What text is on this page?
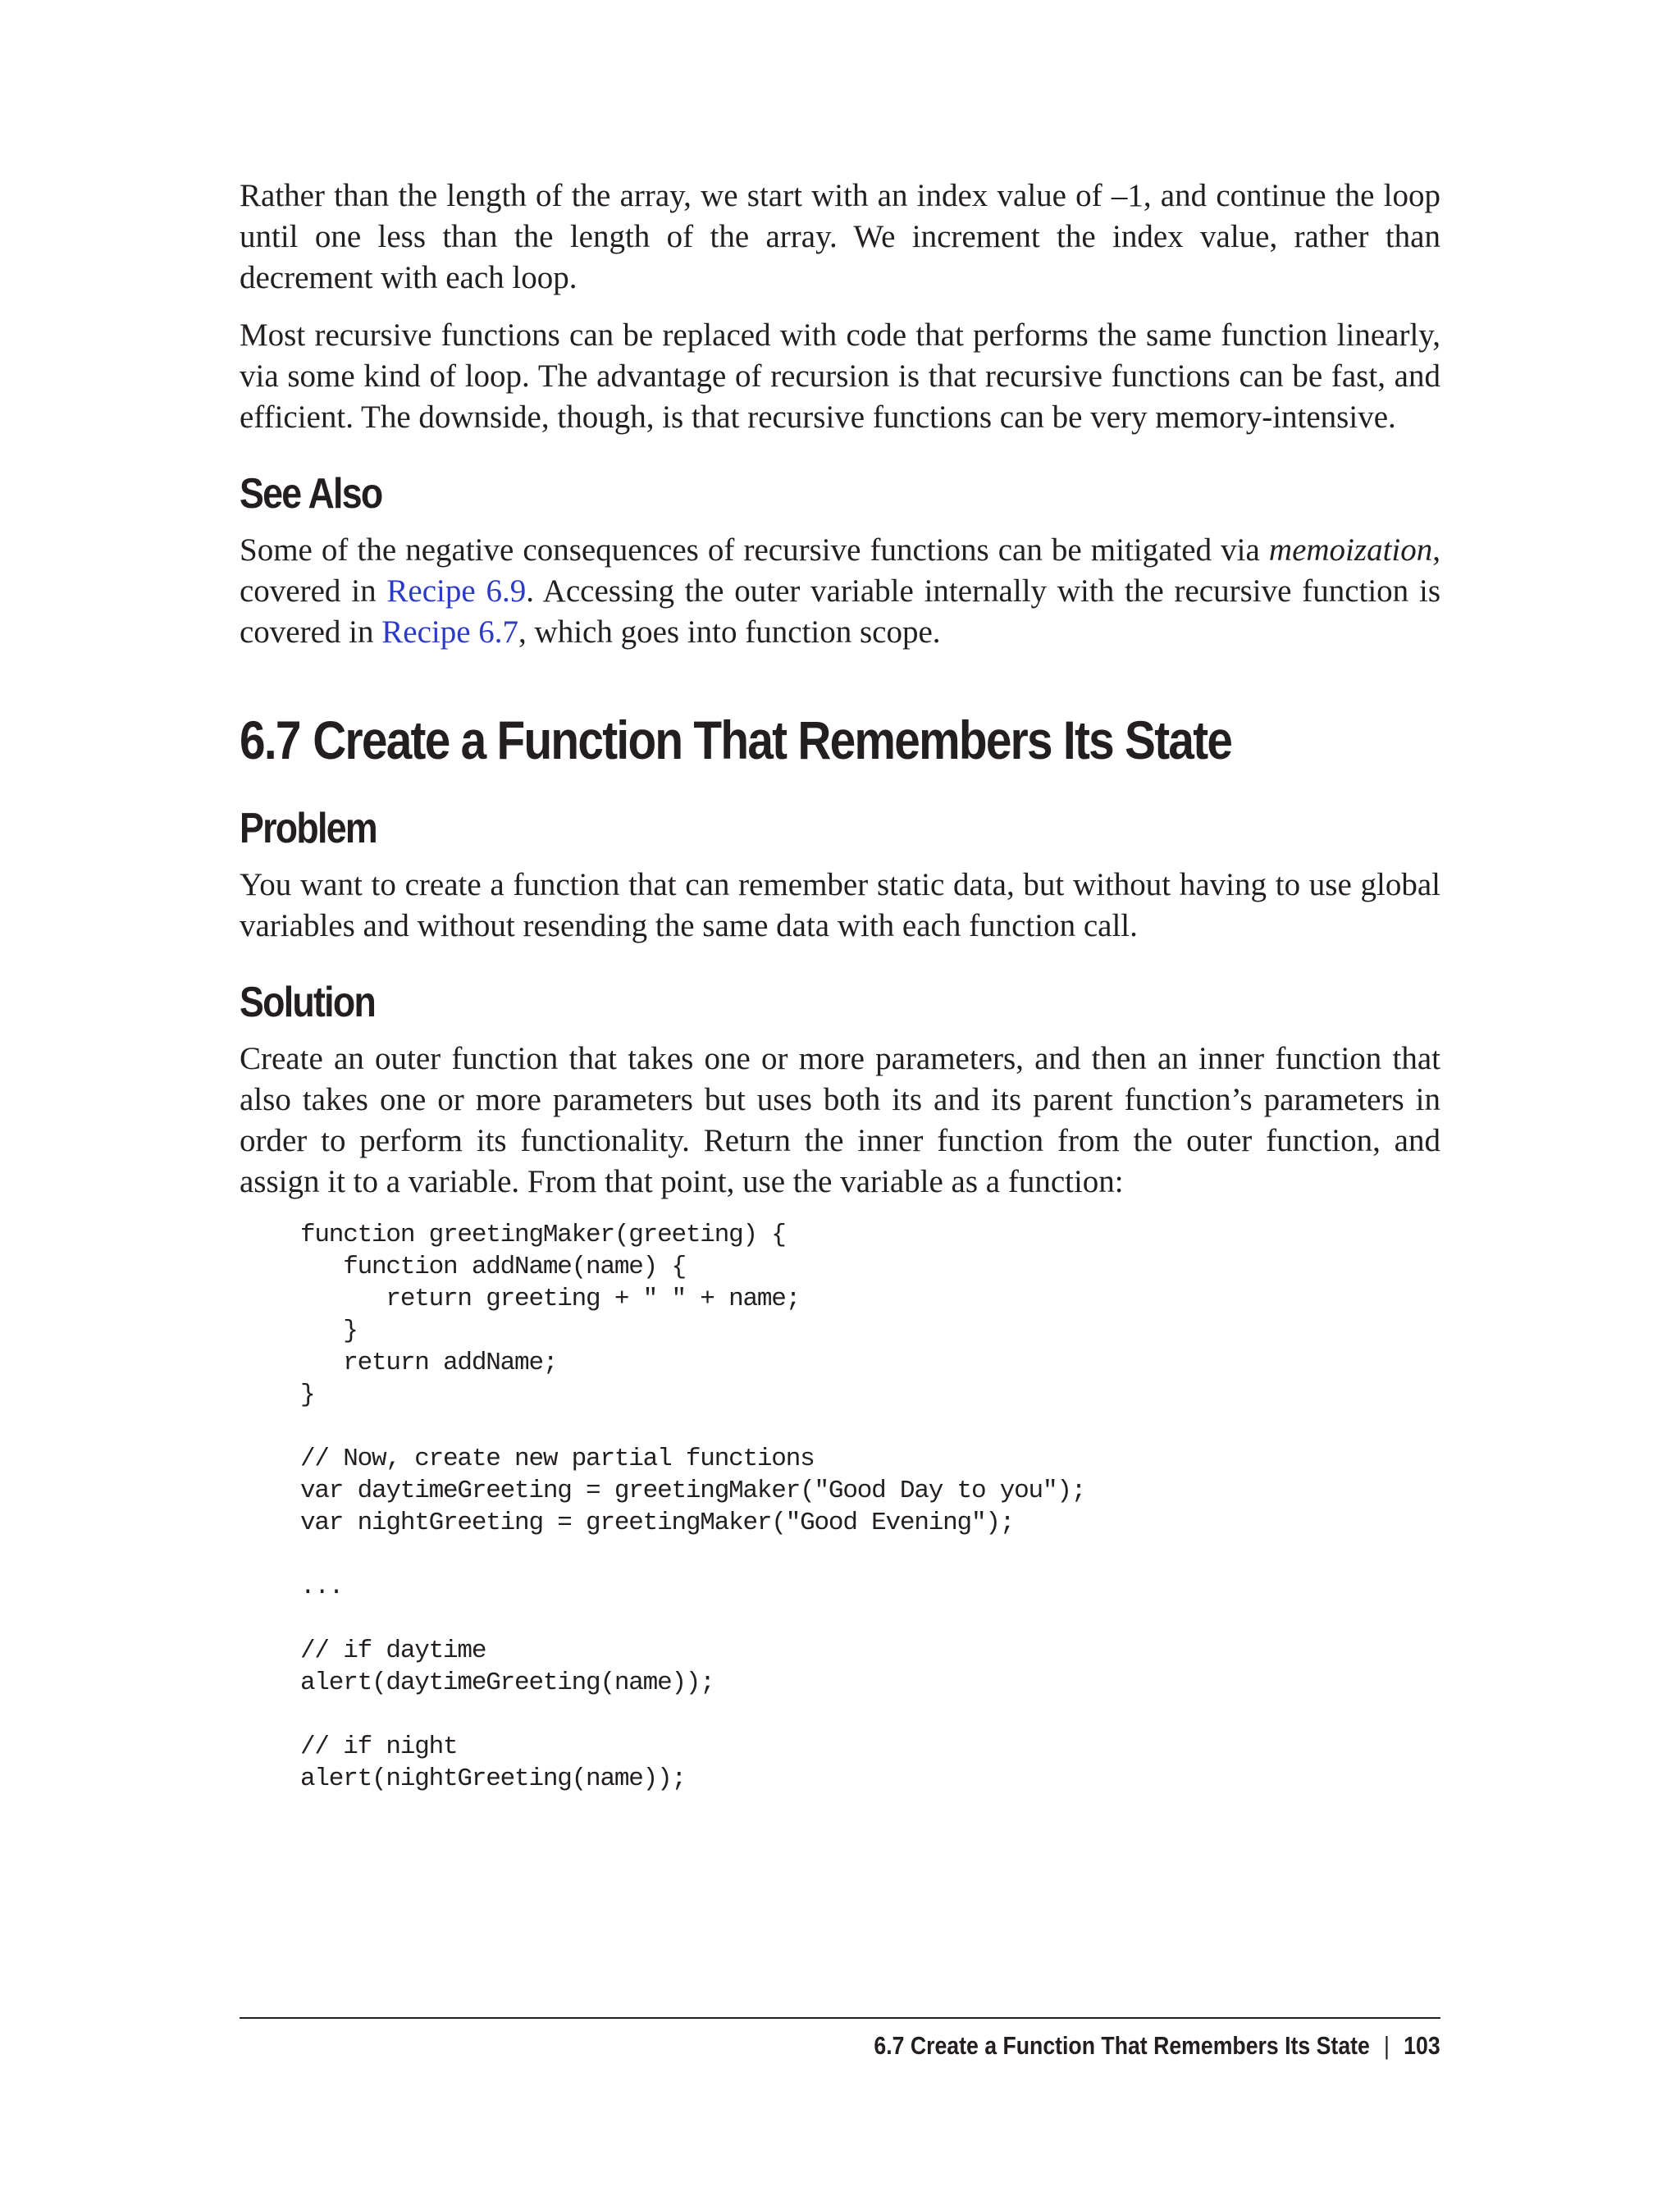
Rather than the length of the array, we start with an index value of –1, and continue the loop until one less than the length of the array. We increment the index value, rather than decrement with each loop.

Most recursive functions can be replaced with code that performs the same function linearly, via some kind of loop. The advantage of recursion is that recursive functions can be fast, and efficient. The downside, though, is that recursive functions can be very memory-intensive.

See Also

Some of the negative consequences of recursive functions can be mitigated via memoization, covered in Recipe 6.9. Accessing the outer variable internally with the recursive function is covered in Recipe 6.7, which goes into function scope.

6.7 Create a Function That Remembers Its State
Problem

You want to create a function that can remember static data, but without having to use global variables and without resending the same data with each function call.

Solution

Create an outer function that takes one or more parameters, and then an inner function that also takes one or more parameters but uses both its and its parent function’s parameters in order to perform its functionality. Return the inner function from the outer function, and assign it to a variable. From that point, use the variable as a function:

function greetingMaker(greeting) {
function addName(name) {
return greeting + " " + name;
}
return addName;
}

// Now, create new partial functions
var daytimeGreeting = greetingMaker("Good Day to you");
var nightGreeting = greetingMaker("Good Evening");

...

// if daytime
alert(daytimeGreeting(name));

// if night
alert(nightGreeting(name));
6.7 Create a Function That Remembers Its State | 103
